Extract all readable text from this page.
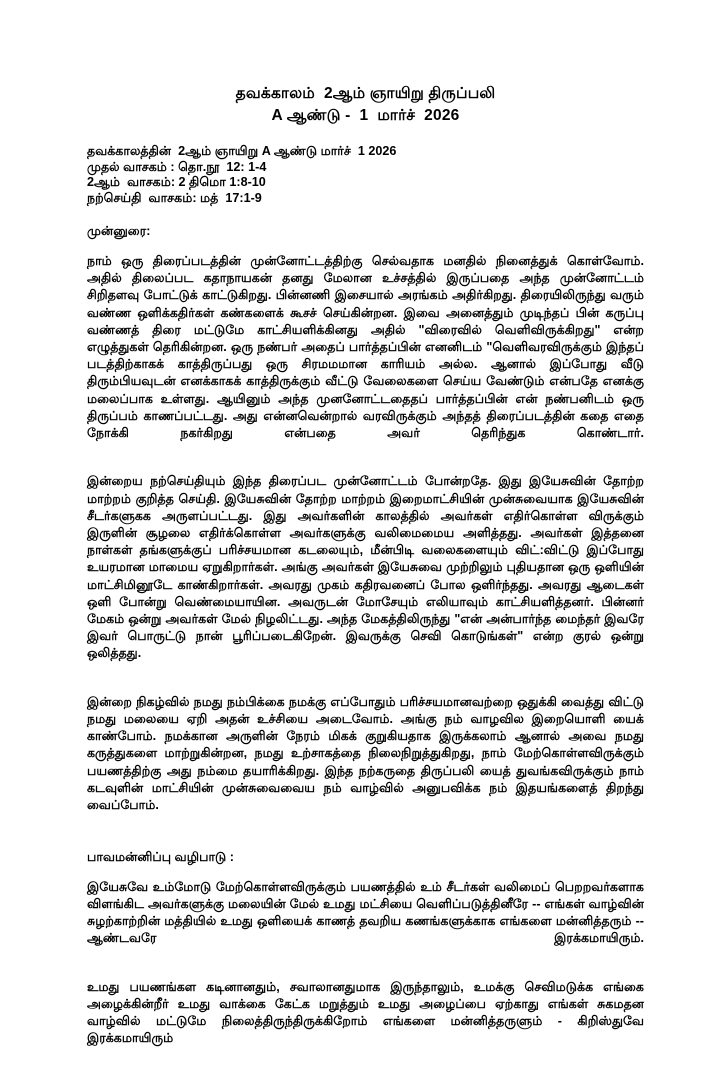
தவக்காலம்  2ஆம் ஞாயிறு திருப்பலி
A ஆண்டு -  1  மார்ச்  2026
தவக்காலத்தின்  2ஆம் ஞாயிறு A ஆண்டு மார்ச்  1 2026
முதல் வாசகம் : தொ.நூ  12: 1-4
2ஆம்  வாசகம்: 2 திமொ 1:8-10
நற்செய்தி  வாசகம்: மத்  17:1-9
முன்னுரை:
நாம் ஒரு திரைப்படத்தின் முன்னோட்டத்திற்கு செல்வதாக மனதில் நினைத்துக் கொள்வோம். அதில் திலைப்பட கதாநாயகன் தனது மேலான உச்சத்தில் இருப்பதை அந்த முன்னோட்டம் சிறிதளவு போட்டுக் காட்டுகிறது. பின்னணி இசையால் அரங்கம் அதிர்கிறது. திரையிலிருந்து வரும் வண்ண ஒளிக்கதிர்கள் கண்களைக் கூசச் செய்கின்றன. இவை அனைத்தும் முடிந்தப் பின் கருப்பு வண்ணத் திரை மட்டுமே காட்சியளிக்கினது அதில் "விரைவில் வெளிவிருக்கிறது" என்ற எழுத்துகள் தெரிகின்றன. ஒரு நண்பர் அதைப் பார்த்தப்பின் எனனிடம் "வெளிவரவிருக்கும் இந்தப் படத்திற்காகக் காத்திருப்பது ஒரு சிரமமமான காரியம் அல்ல. ஆனால் இப்போது வீடு திரும்பியவுடன் எனக்காகக் காத்திருக்கும் வீட்டு வேலைகளை செய்ய வேண்டும் என்பதே எனக்கு மலைப்பாக உள்ளது. ஆயினும் அந்த முனனோட்டதைதப் பார்த்தப்பின் என் நண்பனிடம் ஒரு திருப்பம் காணப்பட்டது. அது என்னவென்றால் வரவிருக்கும் அந்தத் திரைப்படத்தின் கதை எதை நோக்கி நகர்கிறது என்பதை அவர் தெரிந்துக கொண்டார்.
இன்றைய நற்செய்தியும் இந்த திரைப்பட முன்னோட்டம் போன்றதே. இது இயேசுவின் தோற்ற மாற்றம் குறித்த செய்தி. இயேசுவின் தோற்ற மாற்றம் இறைமாட்சியின் முன்சுவையாக இயேசுவின் சீடர்களுகக அருளப்பட்டது. இது அவர்களின் காலத்தில் அவர்கள் எதிர்கொள்ள விருக்கும் இருளின் சூழலை எதிர்க்கொள்ள அவர்களுக்கு வலிமைமைய அளித்தது. அவர்கள் இத்தனை நாள்கள் தங்களுக்குப் பரிச்சயமான கடலையும், மீன்பிடி வலைகளையும் விட்:விட்டு இப்போது உயரமான மாமைய ஏறுகிறார்கள். அங்கு அவர்கள் இயேசுவை முற்றிலும் புதியதான ஒரு ஒளியின் மாட்சிமினூடே காண்கிறார்கள். அவரது முகம் கதிரவனைப் போல ஒளிர்ந்தது. அவரது ஆடைகள் ஒளி போன்று வெண்மையாயின. அவருடன் மோசேயும் எலியாவும் காட்சியளித்தனர். பின்னர் மேகம் ஒன்று அவர்கள் மேல் நிழலிட்டது. அந்த மேகத்திலிருந்து "என் அன்பார்ந்த மைந்தர் இவரே இவர் பொருட்டு நான் பூரிப்படைகிறேன். இவருக்கு செவி கொடுங்கள்" என்ற குரல் ஒன்று ஒலித்தது.
இன்றை நிகழ்வில் நமது நம்பிக்கை நமக்கு எப்போதும் பரிச்சயமானவற்றை ஒதுக்கி வைத்து விட்டு நமது மலையை ஏறி அதன் உச்சியை அடைவோம். அங்கு நம் வாழவில இறையொளி யைக் காண்போம். நமக்கான அருளின் நேரம் மிகக் குறுகியதாக இருக்கலாம் ஆனால் அவை நமது கருத்துகளை மாற்றுகின்றன, நமது உற்சாகத்தை நிலைநிறுத்துகிறது, நாம் மேற்கொள்ளவிருக்கும் பயணத்திற்கு அது நம்மை தயாரிக்கிறது. இந்த நற்கருதை திருப்பலி யைத் துவங்கவிருக்கும் நாம் கடவுளின் மாட்சியின் முன்சுவைவைய நம் வாழ்வில் அனுபவிக்க நம் இதயங்களைத் திறந்து வைப்போம்.
பாவமன்னிப்பு வழிபாடு :
இயேசுவே உம்மோடு மேற்கொள்ளவிருக்கும் பயணத்தில் உம் சீடர்கள் வலிமைப் பெறறவர்களாக விளங்கிட அவர்களுக்கு மலையின் மேல் உமது மட்சியை வெளிப்படுத்தினீரே -- எங்கள் வாழ்வின் சுழற்காற்றின் மத்தியில் உமது ஒளியைக் காணத் தவறிய கணங்களுக்காக எங்களை மன்னித்தரும் -- ஆண்டவரே இரக்கமாயிரும்.
உமது பயணங்கள கடினானதும், சவாலானதுமாக இருந்தாலும், உமக்கு செவிமடுக்க எங்கை அழைக்கின்றீர் உமது வாக்கை கேட்க மறுத்தும் உமது அழைப்பை ஏற்காது எங்கள் சுகமதன வாழ்வில் மட்டுமே நிலைத்திருந்திருக்கிறோம் எங்களை மன்னித்தருளும் - கிறிஸ்துவே இரக்கமாயிரும்
